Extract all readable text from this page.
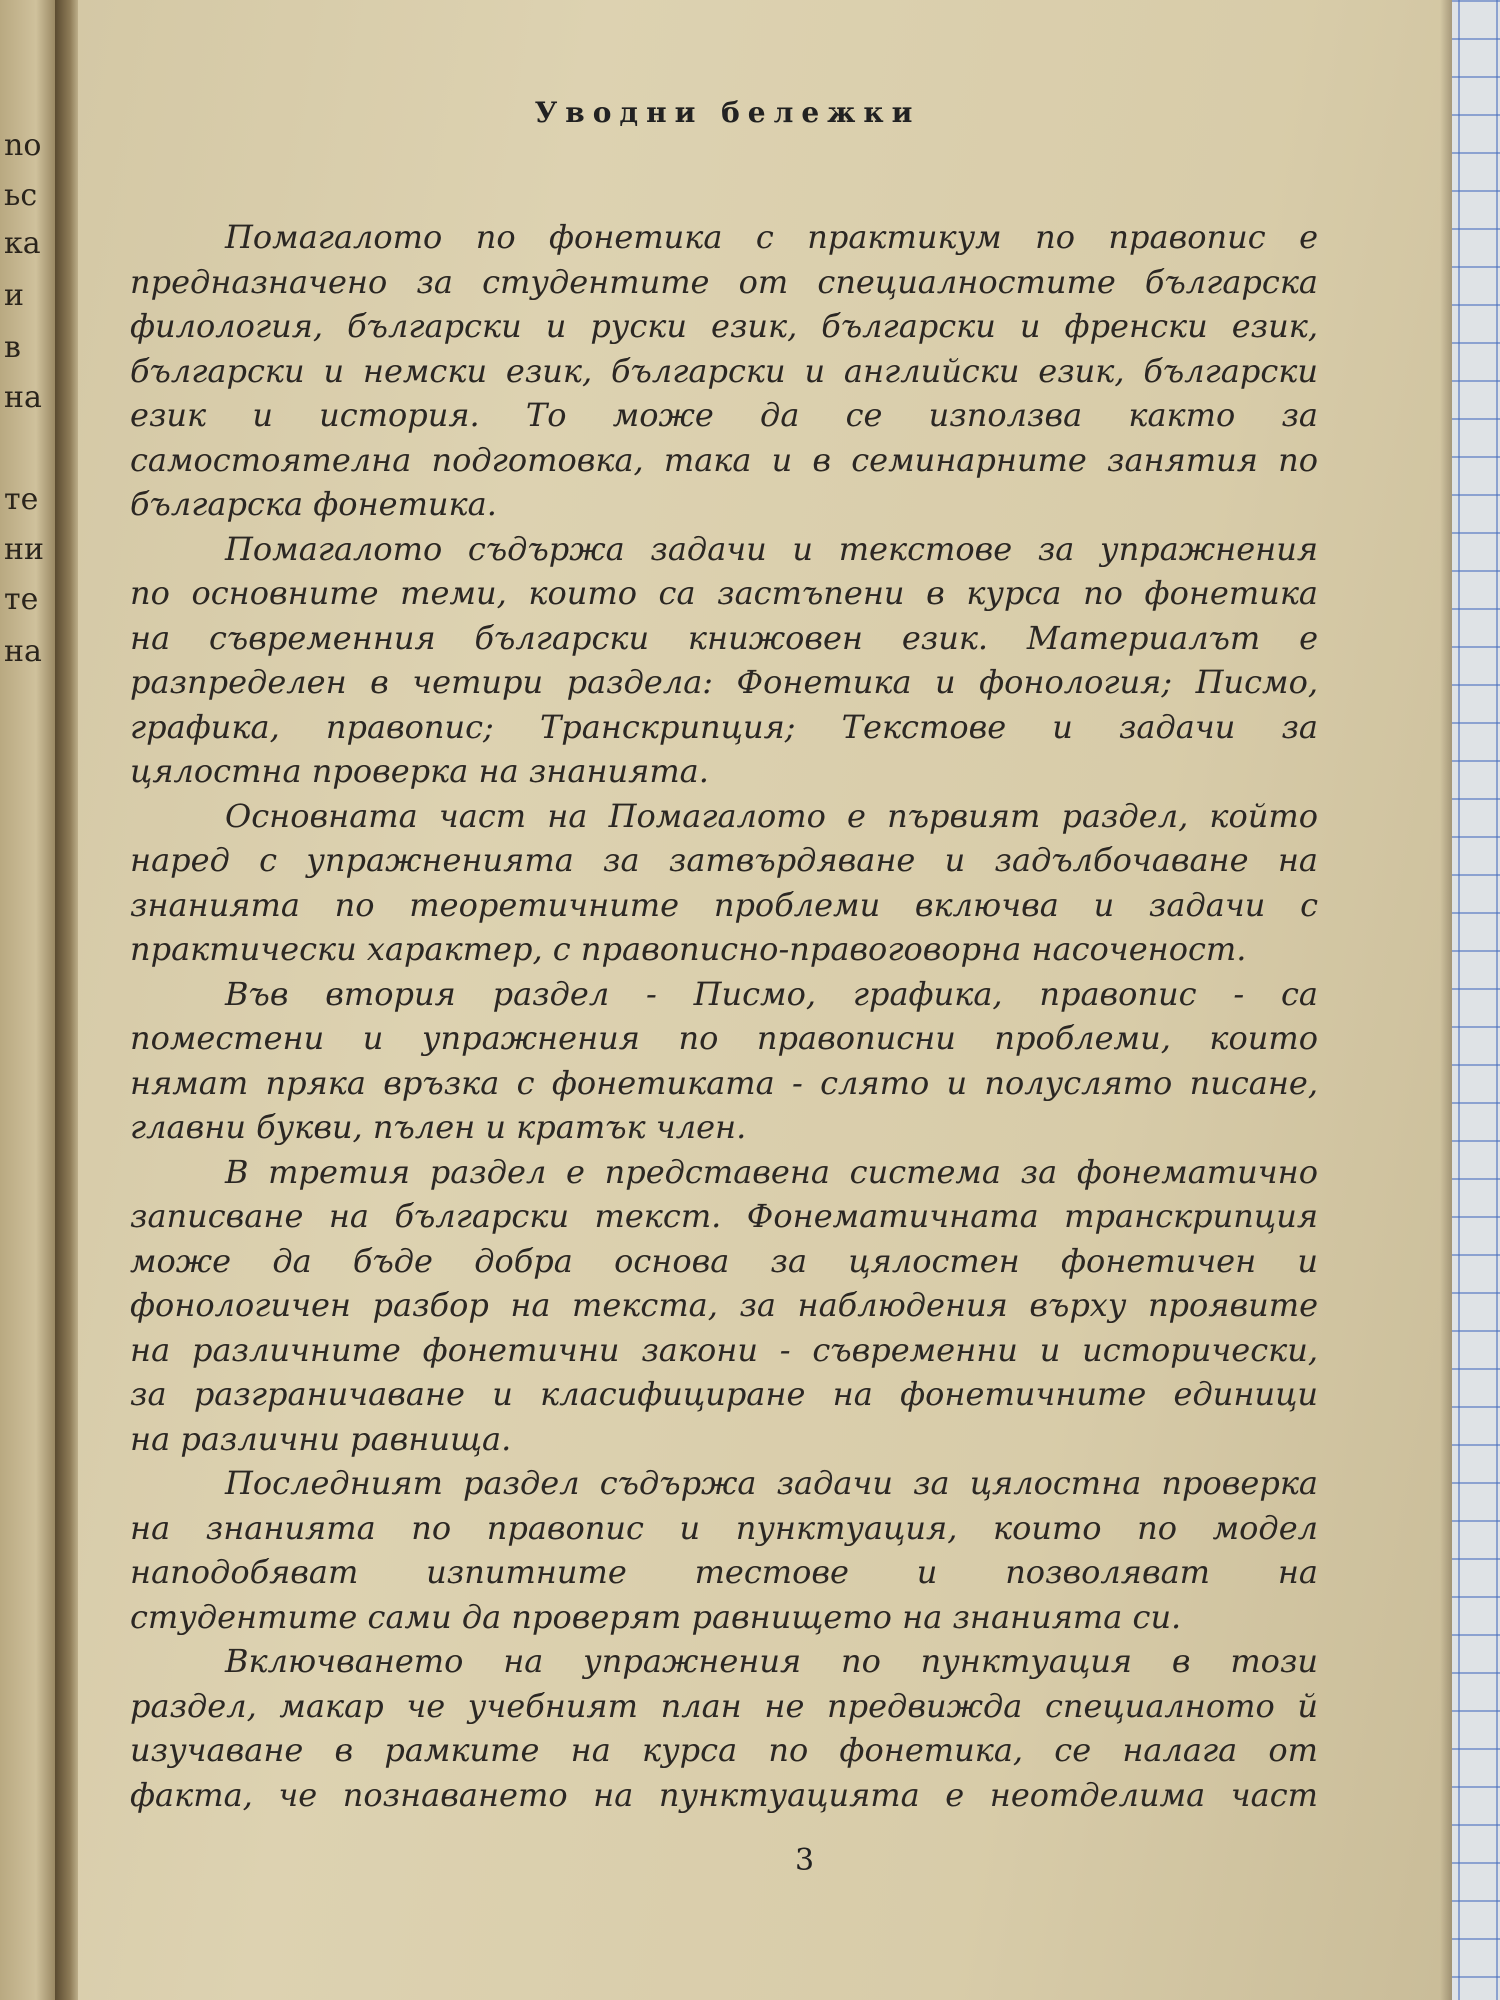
no
ьс
ка
и
в
на
те
ни
те
на
Уводни бележки
Помагалото по фонетика с практикум по правопис е
предназначено за студентите от специалностите българска
филология, български и руски език, български и френски език,
български и немски език, български и английски език, български
език и история. То може да се използва както за
самостоятелна подготовка, така и в семинарните занятия по
българска фонетика.
Помагалото съдържа задачи и текстове за упражнения
по основните теми, които са застъпени в курса по фонетика
на съвременния български книжовен език. Материалът е
разпределен в четири раздела: Фонетика и фонология; Писмо,
графика, правопис; Транскрипция; Текстове и задачи за
цялостна проверка на знанията.
Основната част на Помагалото е първият раздел, който
наред с упражненията за затвърдяване и задълбочаване на
знанията по теоретичните проблеми включва и задачи с
практически характер, с правописно-правоговорна насоченост.
Във втория раздел - Писмо, графика, правопис - са
поместени и упражнения по правописни проблеми, които
нямат пряка връзка с фонетиката - слято и полуслято писане,
главни букви, пълен и кратък член.
В третия раздел е представена система за фонематично
записване на български текст. Фонематичната транскрипция
може да бъде добра основа за цялостен фонетичен и
фонологичен разбор на текста, за наблюдения върху проявите
на различните фонетични закони - съвременни и исторически,
за разграничаване и класифициране на фонетичните единици
на различни равнища.
Последният раздел съдържа задачи за цялостна проверка
на знанията по правопис и пунктуация, които по модел
наподобяват изпитните тестове и позволяват на
студентите сами да проверят равнището на знанията си.
Включването на упражнения по пунктуация в този
раздел, макар че учебният план не предвижда специалното й
изучаване в рамките на курса по фонетика, се налага от
факта, че познаването на пунктуацията е неотделима част
3
